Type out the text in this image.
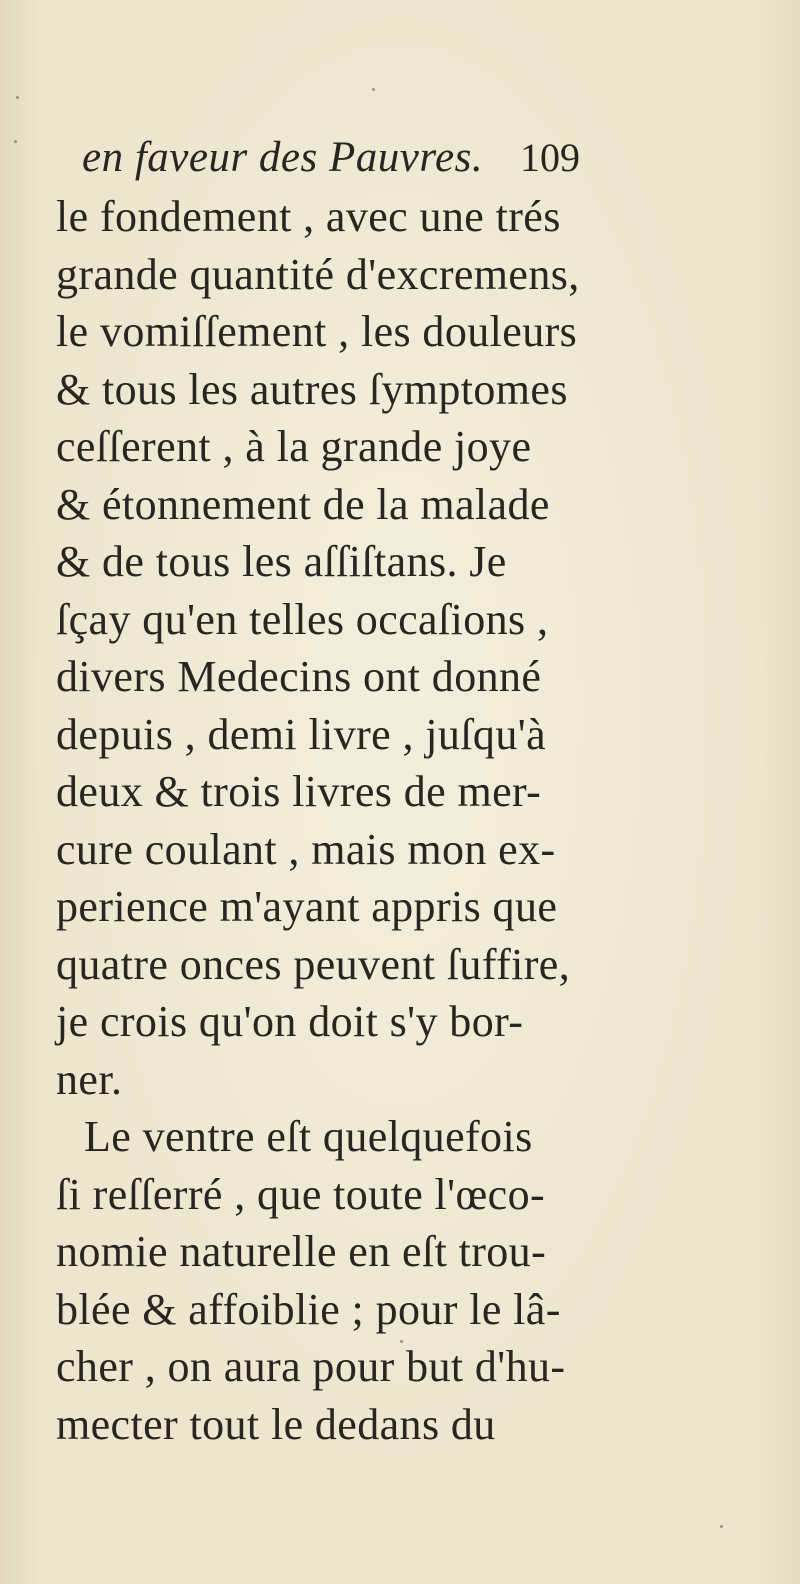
en faveur des Pauvres. 109
le fondement , avec une trés
grande quantité d'excremens,
le vomiſſement , les douleurs
& tous les autres ſymptomes
ceſſerent , à la grande joye
& étonnement de la malade
& de tous les aſſiſtans. Je
ſçay qu'en telles occaſions ,
divers Medecins ont donné
depuis , demi livre , juſqu'à
deux & trois livres de mer-
cure coulant , mais mon ex-
perience m'ayant appris que
quatre onces peuvent ſuffire,
je crois qu'on doit s'y bor-
ner.
Le ventre eſt quelquefois
ſi reſſerré , que toute l'œco-
nomie naturelle en eſt trou-
blée & affoiblie ; pour le lâ-
cher , on aura pour but d'hu-
mecter tout le dedans du
